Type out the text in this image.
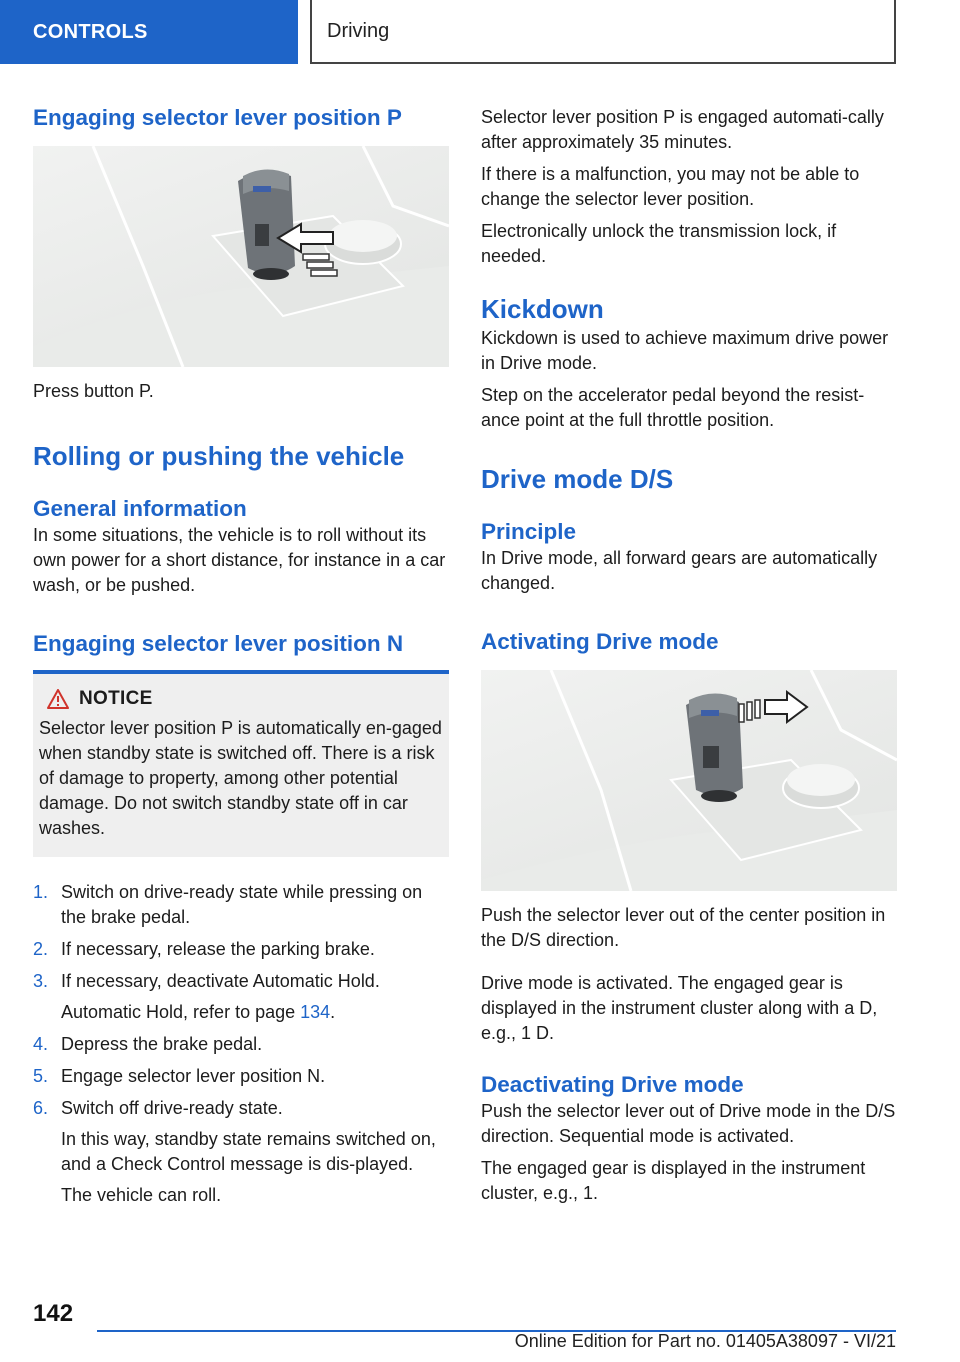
CONTROLS	Driving
Engaging selector lever position P

Press button P.

Rolling or pushing the vehicle
General information

In some situations, the vehicle is to roll without its own power for a short distance, for instance in a car wash, or be pushed.

Engaging selector lever position N
NOTICE

Selector lever position P is automatically en‐gaged when standby state is switched off. There is a risk of damage to property, among other potential damage. Do not switch standby state off in car washes.

1. Switch on drive-ready state while pressing on the brake pedal.
2. If necessary, release the parking brake.
3. If necessary, deactivate Automatic Hold.
Automatic Hold, refer to page 134.
4. Depress the brake pedal.
5. Engage selector lever position N.
6. Switch off drive-ready state.
In this way, standby state remains switched on, and a Check Control message is dis‐played.
The vehicle can roll.

Selector lever position P is engaged automati‐cally after approximately 35 minutes.

If there is a malfunction, you may not be able to change the selector lever position.

Electronically unlock the transmission lock, if needed.

Kickdown

Kickdown is used to achieve maximum drive power in Drive mode.

Step on the accelerator pedal beyond the resist‐ance point at the full throttle position.

Drive mode D/S
Principle

In Drive mode, all forward gears are automatically changed.

Activating Drive mode

Push the selector lever out of the center position in the D/S direction.

Drive mode is activated. The engaged gear is displayed in the instrument cluster along with a D, e.g., 1 D.

Deactivating Drive mode

Push the selector lever out of Drive mode in the D/S direction. Sequential mode is activated.

The engaged gear is displayed in the instrument cluster, e.g., 1.

142
Online Edition for Part no. 01405A38097 - VI/21
